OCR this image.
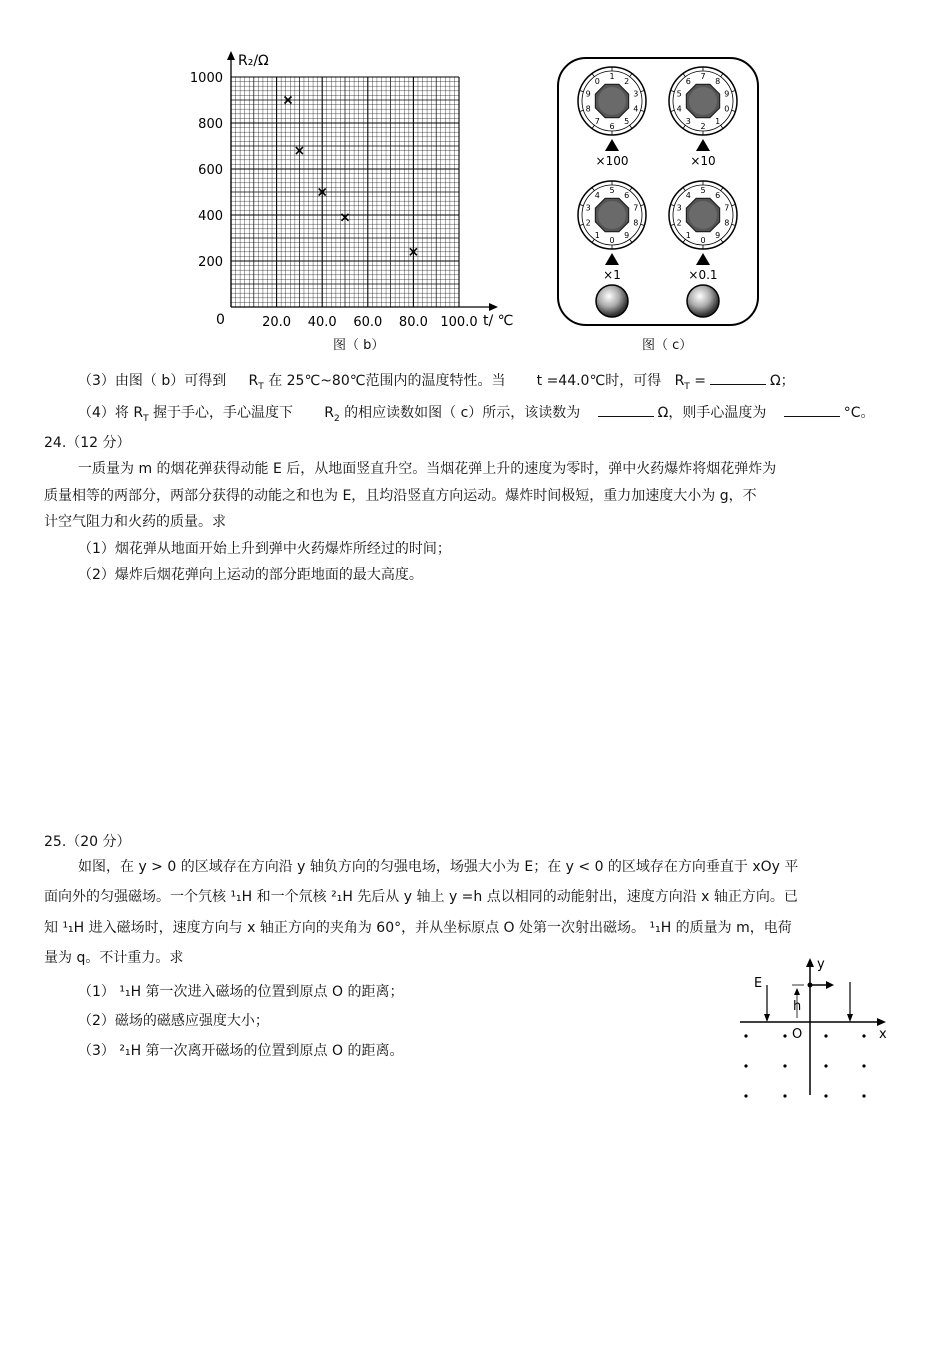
R₂/Ω
t/ ℃
0
1000
800
600
400
200
20.0 40.0 60.0 80.0 100.0
图（ b）
6
7
8
9
0
1
2
3
4
5
×100
2
3
4
5
6
7
8
9
0
1
×10
0
1
2
3
4
5
6
7
8
9
×1
0
1
2
3
4
5
6
7
8
9
×0.1
图（ c）
（3）由图（ b）可得到 $R_T$ 在 25℃~80℃范围内的温度特性。当 t =44.0℃时，可得 $R_T$ =	Ω；
（4）将 $R_T$ 握于手心，手心温度下 $R_2$ 的相应读数如图（ c）所示，该读数为	Ω，则手心温度为	°C。
24.（12 分）
一质量为 m 的烟花弹获得动能 E 后，从地面竖直升空。当烟花弹上升的速度为零时，弹中火药爆炸将烟花弹炸为
质量相等的两部分，两部分获得的动能之和也为 E，且均沿竖直方向运动。爆炸时间极短，重力加速度大小为 g，不
计空气阻力和火药的质量。求
（1）烟花弹从地面开始上升到弹中火药爆炸所经过的时间；
（2）爆炸后烟花弹向上运动的部分距地面的最大高度。
25.（20 分）
如图，在 y > 0 的区域存在方向沿 y 轴负方向的匀强电场，场强大小为 E；在 y < 0 的区域存在方向垂直于 xOy 平
面向外的匀强磁场。一个氕核 ¹₁H 和一个氘核 ²₁H 先后从 y 轴上 y =h 点以相同的动能射出，速度方向沿 x 轴正方向。已
知 ¹₁H 进入磁场时，速度方向与 x 轴正方向的夹角为 60°，并从坐标原点 O 处第一次射出磁场。 ¹₁H 的质量为 m，电荷
量为 q。不计重力。求
（1） ¹₁H 第一次进入磁场的位置到原点 O 的距离；
（2）磁场的磁感应强度大小；
（3） ²₁H 第一次离开磁场的位置到原点 O 的距离。
E
h
O	x
y
